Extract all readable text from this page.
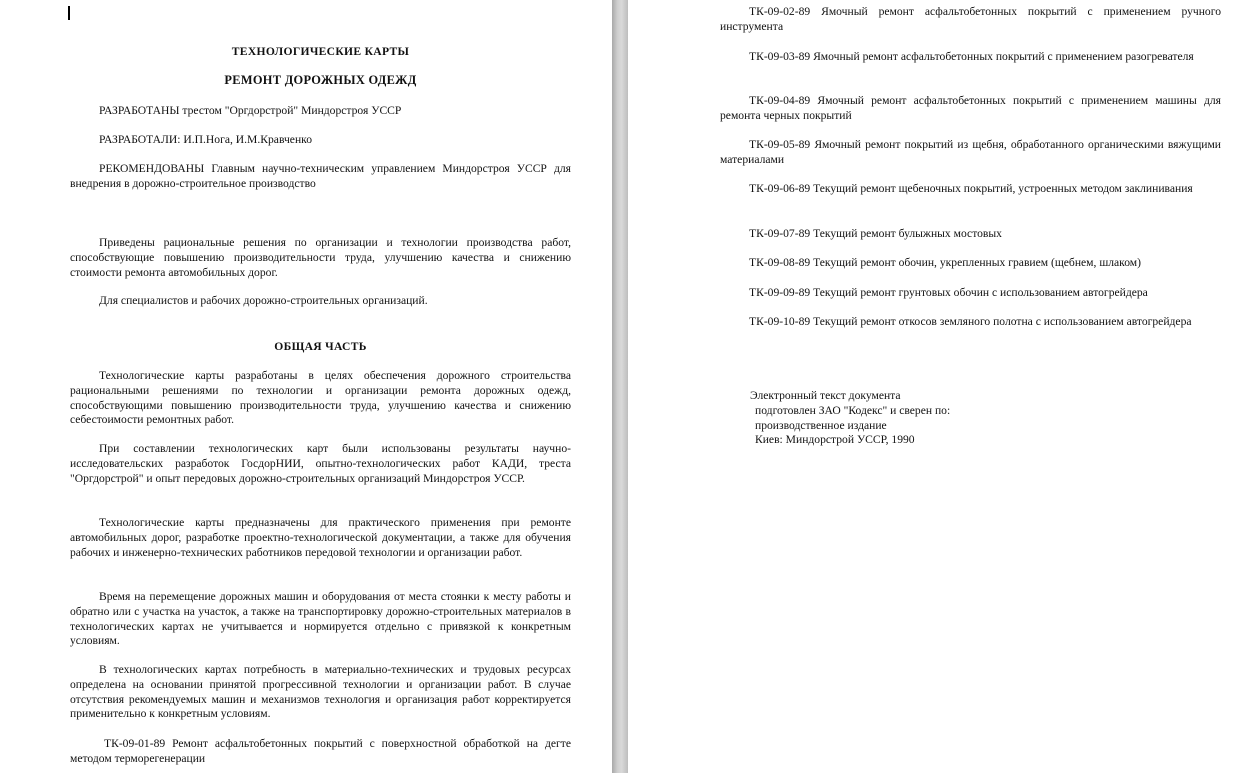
ТЕХНОЛОГИЧЕСКИЕ КАРТЫ
РЕМОНТ ДОРОЖНЫХ ОДЕЖД

РАЗРАБОТАНЫ трестом "Оргдорстрой" Миндорстроя УССР

РАЗРАБОТАЛИ: И.П.Нога, И.М.Кравченко

РЕКОМЕНДОВАНЫ Главным научно-техническим управлением Миндорстроя УССР для внедрения в дорожно-строительное производство

Приведены рациональные решения по организации и технологии производства работ, способствующие повышению производительности труда, улучшению качества и снижению стоимости ремонта автомобильных дорог.

Для специалистов и рабочих дорожно-строительных организаций.

ОБЩАЯ ЧАСТЬ

Технологические карты разработаны в целях обеспечения дорожного строительства рациональными решениями по технологии и организации ремонта дорожных одежд, способствующими повышению производительности труда, улучшению качества и снижению себестоимости ремонтных работ.

При составлении технологических карт были использованы результаты научно-исследовательских разработок ГосдорНИИ, опытно-технологических работ КАДИ, треста "Оргдорстрой" и опыт передовых дорожно-строительных организаций Миндорстроя УССР.

Технологические карты предназначены для практического применения при ремонте автомобильных дорог, разработке проектно-технологической документации, а также для обучения рабочих и инженерно-технических работников передовой технологии и организации работ.

Время на перемещение дорожных машин и оборудования от места стоянки к месту работы и обратно или с участка на участок, а также на транспортировку дорожно-строительных материалов в технологических картах не учитывается и нормируется отдельно с привязкой к конкретным условиям.

В технологических картах потребность в материально-технических и трудовых ресурсах определена на основании принятой прогрессивной технологии и организации работ. В случае отсутствия рекомендуемых машин и механизмов технология и организация работ корректируется применительно к конкретным условиям.

ТК-09-01-89 Ремонт асфальтобетонных покрытий с поверхностной обработкой на дегте методом терморегенерации

ТК-09-02-89 Ямочный ремонт асфальтобетонных покрытий с применением ручного инструмента

ТК-09-03-89 Ямочный ремонт асфальтобетонных покрытий с применением разогревателя

ТК-09-04-89 Ямочный ремонт асфальтобетонных покрытий с применением машины для ремонта черных покрытий

ТК-09-05-89 Ямочный ремонт покрытий из щебня, обработанного органическими вяжущими материалами

ТК-09-06-89 Текущий ремонт щебеночных покрытий, устроенных методом заклинивания

ТК-09-07-89 Текущий ремонт булыжных мостовых

ТК-09-08-89 Текущий ремонт обочин, укрепленных гравием (щебнем, шлаком)

ТК-09-09-89 Текущий ремонт грунтовых обочин с использованием автогрейдера

ТК-09-10-89 Текущий ремонт откосов земляного полотна с использованием автогрейдера

Электронный текст документа
подготовлен ЗАО "Кодекс" и сверен по:
производственное издание
Киев: Миндорстрой УССР, 1990
